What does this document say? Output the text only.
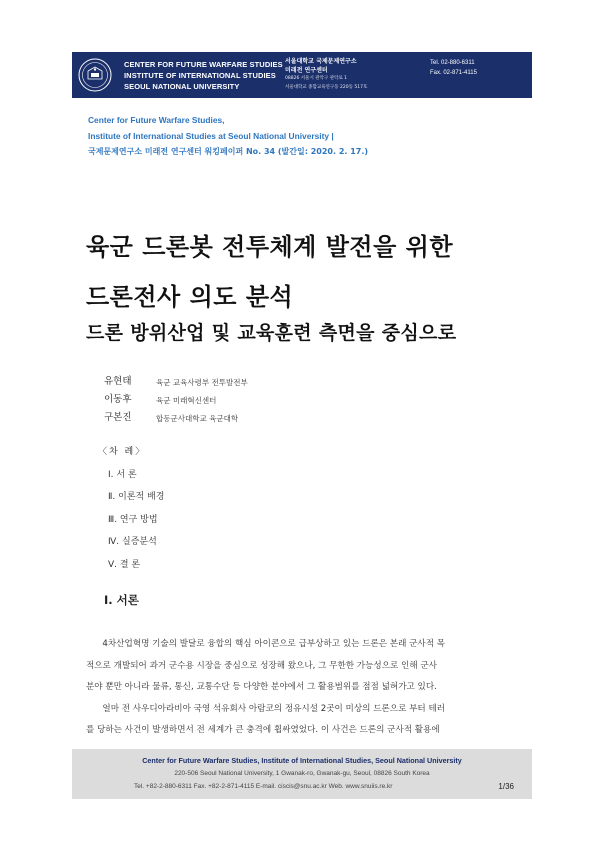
CENTER FOR FUTURE WARFARE STUDIES
INSTITUTE OF INTERNATIONAL STUDIES
SEOUL NATIONAL UNIVERSITY
서울대학교 국제문제연구소
미래전 연구센터
08826 서울시 관악구 관악로 1
서울대학교 종합교육연구동 220동 517호
Tel. 02-880-6311
Fax. 02-871-4115
Center for Future Warfare Studies,
Institute of International Studies at Seoul National University |
국제문제연구소 미래전 연구센터 워킹페이퍼 No. 34 (발간일: 2020. 2. 17.)
육군 드론봇 전투체계 발전을 위한
드론전사 의도 분석
드론 방위산업 및 교육훈련 측면을 중심으로
유현태	육군 교육사령부 전투발전부
이동후	육군 미래혁신센터
구본진	합동군사대학교 육군대학
〈차 례〉
Ⅰ. 서 론
Ⅱ. 이론적 배경
Ⅲ. 연구 방법
Ⅳ. 실증분석
Ⅴ. 결 론
Ⅰ. 서론

4차산업혁명 기술의 발달로 융합의 핵심 아이콘으로 급부상하고 있는 드론은 본래 군사적 목

적으로 개발되어 과거 군수용 시장을 중심으로 성장해 왔으나, 그 무한한 가능성으로 인해 군사

분야 뿐만 아니라 물류, 통신, 교통수단 등 다양한 분야에서 그 활용범위를 점점 넓혀가고 있다.

얼마 전 사우디아라비아 국영 석유회사 아람코의 정유시설 2곳이 미상의 드론으로 부터 테러

를 당하는 사건이 발생하면서 전 세계가 큰 충격에 휩싸였었다. 이 사건은 드론의 군사적 활용에

Center for Future Warfare Studies, Institute of International Studies, Seoul National University
220-506 Seoul National University, 1 Gwanak-ro, Gwanak-gu, Seoul, 08826 South Korea
Tel. +82-2-880-6311 Fax. +82-2-871-4115 E-mail. ciscis@snu.ac.kr Web. www.snuiis.re.kr	1/36
